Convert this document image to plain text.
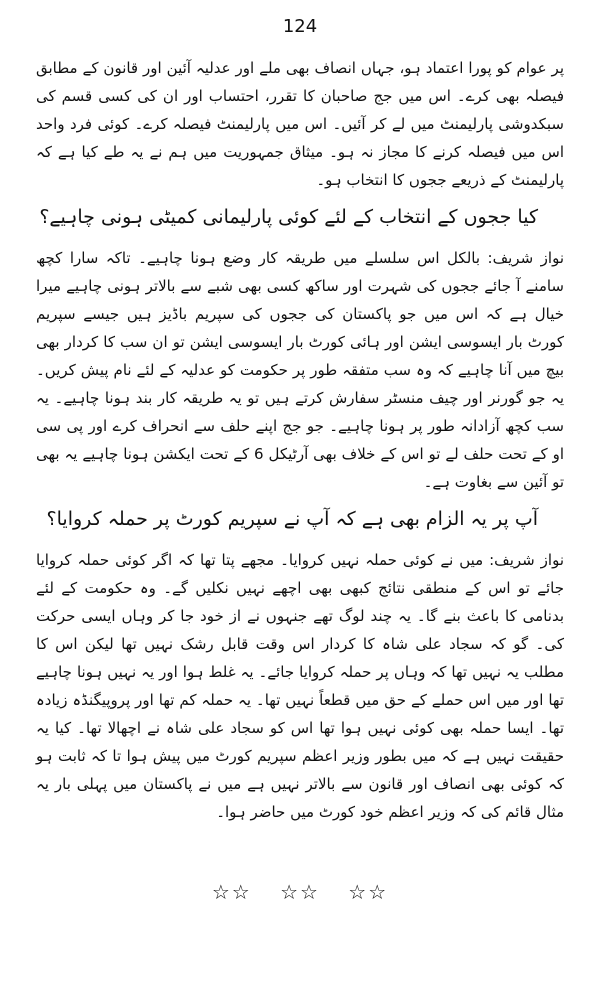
124

پر عوام کو پورا اعتماد ہو، جہاں انصاف بھی ملے اور عدلیہ آئین اور قانون کے مطابق فیصلہ بھی کرے۔ اس میں جج صاحبان کا تقرر، احتساب اور ان کی کسی قسم کی سبکدوشی پارلیمنٹ میں لے کر آئیں۔ اس میں پارلیمنٹ فیصلہ کرے۔ کوئی فرد واحد اس میں فیصلہ کرنے کا مجاز نہ ہو۔ میثاق جمہوریت میں ہم نے یہ طے کیا ہے کہ پارلیمنٹ کے ذریعے ججوں کا انتخاب ہو۔

کیا ججوں کے انتخاب کے لئے کوئی پارلیمانی کمیٹی ہونی چاہیے؟

نواز شریف: بالکل اس سلسلے میں طریقہ کار وضع ہونا چاہیے۔ تاکہ سارا کچھ سامنے آ جائے ججوں کی شہرت اور ساکھ کسی بھی شبے سے بالاتر ہونی چاہیے میرا خیال ہے کہ اس میں جو پاکستان کی ججوں کی سپریم باڈیز ہیں جیسے سپریم کورٹ بار ایسوسی ایشن اور ہائی کورٹ بار ایسوسی ایشن تو ان سب کا کردار بھی بیچ میں آنا چاہیے کہ وہ سب متفقہ طور پر حکومت کو عدلیہ کے لئے نام پیش کریں۔ یہ جو گورنر اور چیف منسٹر سفارش کرتے ہیں تو یہ طریقہ کار بند ہونا چاہیے۔ یہ سب کچھ آزادانہ طور پر ہونا چاہیے۔ جو جج اپنے حلف سے انحراف کرے اور پی سی او کے تحت حلف لے تو اس کے خلاف بھی آرٹیکل 6 کے تحت ایکشن ہونا چاہیے یہ بھی تو آئین سے بغاوت ہے۔

آپ پر یہ الزام بھی ہے کہ آپ نے سپریم کورٹ پر حملہ کروایا؟

نواز شریف: میں نے کوئی حملہ نہیں کروایا۔ مجھے پتا تھا کہ اگر کوئی حملہ کروایا جائے تو اس کے منطقی نتائج کبھی بھی اچھے نہیں نکلیں گے۔ وہ حکومت کے لئے بدنامی کا باعث بنے گا۔ یہ چند لوگ تھے جنہوں نے از خود جا کر وہاں ایسی حرکت کی۔ گو کہ سجاد علی شاہ کا کردار اس وقت قابل رشک نہیں تھا لیکن اس کا مطلب یہ نہیں تھا کہ وہاں پر حملہ کروایا جائے۔ یہ غلط ہوا اور یہ نہیں ہونا چاہیے تھا اور میں اس حملے کے حق میں قطعاً نہیں تھا۔ یہ حملہ کم تھا اور پروپیگنڈہ زیادہ تھا۔ ایسا حملہ بھی کوئی نہیں ہوا تھا اس کو سجاد علی شاہ نے اچھالا تھا۔ کیا یہ حقیقت نہیں ہے کہ میں بطور وزیر اعظم سپریم کورٹ میں پیش ہوا تا کہ ثابت ہو کہ کوئی بھی انصاف اور قانون سے بالاتر نہیں ہے میں نے پاکستان میں پہلی بار یہ مثال قائم کی کہ وزیر اعظم خود کورٹ میں حاضر ہوا۔

☆☆ ☆☆ ☆☆
